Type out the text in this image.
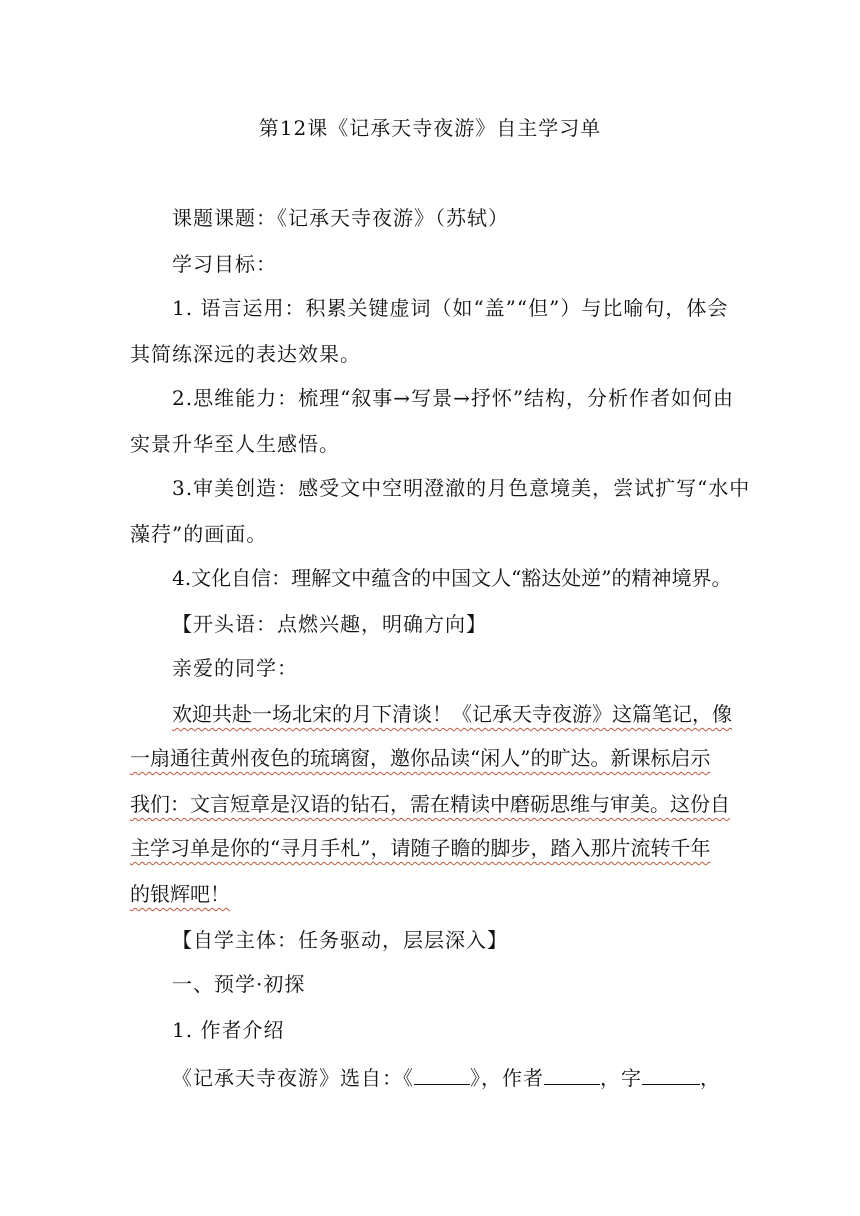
第12课《记承天寺夜游》自主学习单
课题课题：《记承天寺夜游》（苏轼）
学习目标：
1. 语言运用：积累关键虚词（如“盖”“但”）与比喻句，体会
其简练深远的表达效果。
2.思维能力：梳理“叙事→写景→抒怀”结构，分析作者如何由
实景升华至人生感悟。
3.审美创造：感受文中空明澄澈的月色意境美，尝试扩写“水中
藻荇”的画面。
4.文化自信：理解文中蕴含的中国文人“豁达处逆”的精神境界。
【开头语：点燃兴趣，明确方向】
亲爱的同学：
欢迎共赴一场北宋的月下清谈！《记承天寺夜游》这篇笔记，像
一扇通往黄州夜色的琉璃窗，邀你品读“闲人”的旷达。新课标启示
我们：文言短章是汉语的钻石，需在精读中磨砺思维与审美。这份自
主学习单是你的“寻月手札”，请随子瞻的脚步，踏入那片流转千年
的银辉吧！
【自学主体：任务驱动，层层深入】
一、预学·初探
1. 作者介绍
《记承天寺夜游》选自：《	》，作者	，字	，
